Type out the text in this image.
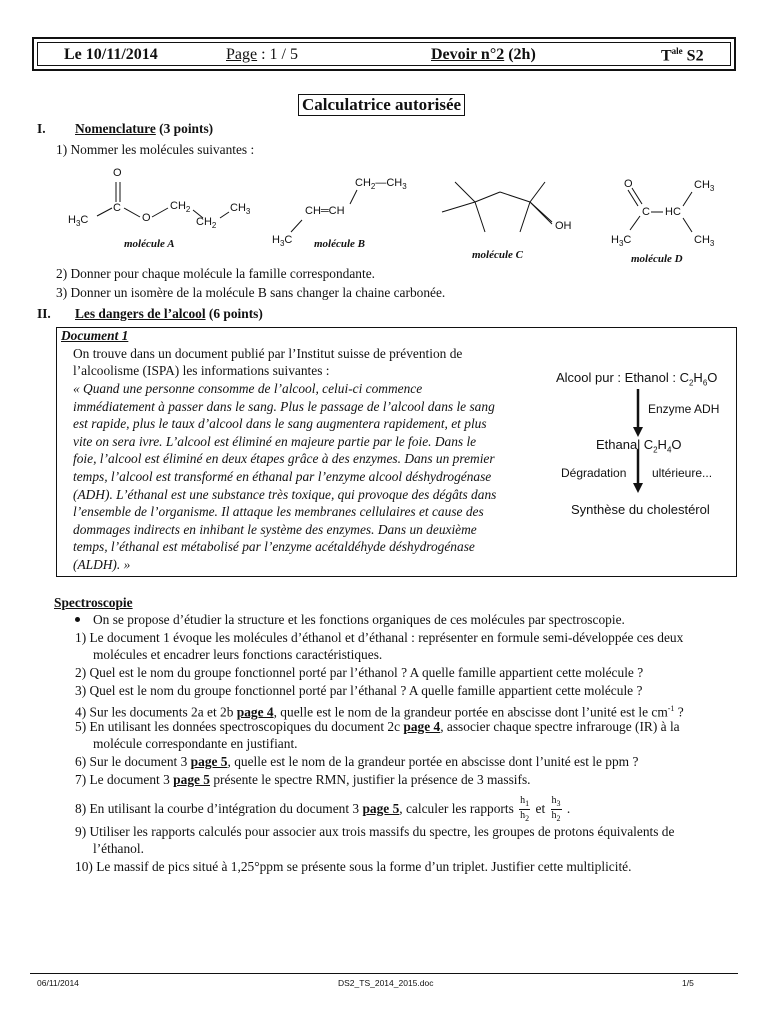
Le 10/11/2014	Page : 1 / 5	Devoir n°2 (2h)	$T^{ale}$ S2
Calculatrice autorisée
I. Nomenclature (3 points)
1) Nommer les molécules suivantes :
O
C
O
$H_3C$
$CH_2$
$CH_2$
$CH_3$
molécule A
$CH_2—CH_3$
CH═CH
$H_3C$ molécule B
OH
molécule C
O
C HC
$CH_3$
$CH_3$
$H_3C$
molécule D
2) Donner pour chaque molécule la famille correspondante.
3) Donner un isomère de la molécule B sans changer la chaine carbonée.
II. Les dangers de l’alcool (6 points)
Document 1
On trouve dans un document publié par l’Institut suisse de prévention de
l’alcoolisme (ISPA) les informations suivantes :
« Quand une personne consomme de l’alcool, celui-ci commence
immédiatement à passer dans le sang. Plus le passage de l’alcool dans le sang
est rapide, plus le taux d’alcool dans le sang augmentera rapidement, et plus
vite on sera ivre. L’alcool est éliminé en majeure partie par le foie. Dans le
foie, l’alcool est éliminé en deux étapes grâce à des enzymes. Dans un premier
temps, l’alcool est transformé en éthanal par l’enzyme alcool déshydrogénase
(ADH). L’éthanal est une substance très toxique, qui provoque des dégâts dans
l’ensemble de l’organisme. Il attaque les membranes cellulaires et cause des
dommages indirects en inhibant le système des enzymes. Dans un deuxième
temps, l’éthanal est métabolisé par l’enzyme acétaldéhyde déshydrogénase
(ALDH). »
Alcool pur : Ethanol : $C_2H_6O$
Enzyme ADH
Ethanal $C_2H_4O$
Dégradation ultérieure...
Synthèse du cholestérol
Spectroscopie
On se propose d’étudier la structure et les fonctions organiques de ces molécules par spectroscopie.
1) Le document 1 évoque les molécules d’éthanol et d’éthanal : représenter en formule semi-développée ces deux
molécules et encadrer leurs fonctions caractéristiques.
2) Quel est le nom du groupe fonctionnel porté par l’éthanol ? A quelle famille appartient cette molécule ?
3) Quel est le nom du groupe fonctionnel porté par l’éthanal ? A quelle famille appartient cette molécule ?
4) Sur les documents 2a et 2b page 4, quelle est le nom de la grandeur portée en abscisse dont l’unité est le $cm^{-1}$ ?
5) En utilisant les données spectroscopiques du document 2c page 4, associer chaque spectre infrarouge (IR) à la
molécule correspondante en justifiant.
6) Sur le document 3 page 5, quelle est le nom de la grandeur portée en abscisse dont l’unité est le ppm ?
7) Le document 3 page 5 présente le spectre RMN, justifier la présence de 3 massifs.
8) En utilisant la courbe d’intégration du document 3 page 5, calculer les rapports $\frac{h_1}{h_2}$ et $\frac{h_3}{h_2}$ .
9) Utiliser les rapports calculés pour associer aux trois massifs du spectre, les groupes de protons équivalents de
l’éthanol.
10) Le massif de pics situé à 1,25°ppm se présente sous la forme d’un triplet. Justifier cette multiplicité.
06/11/2014	DS2_TS_2014_2015.doc	1/5
